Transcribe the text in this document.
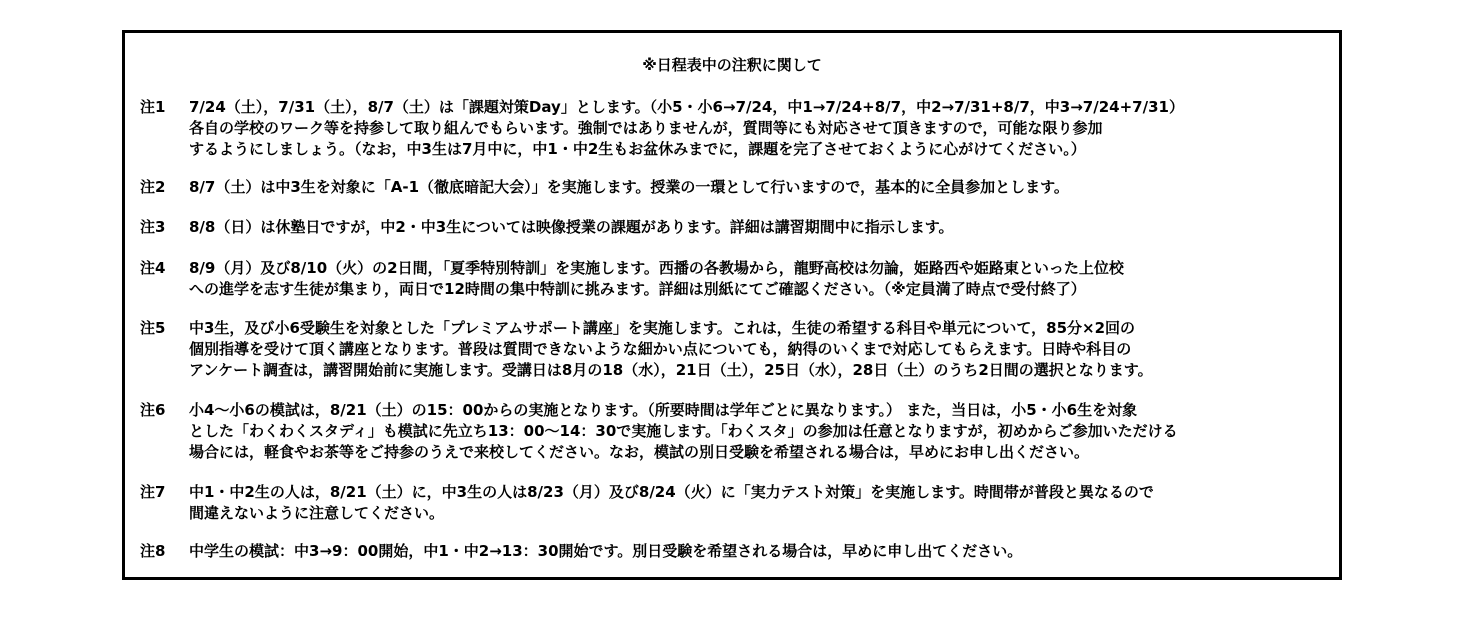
※日程表中の注釈に関して
注1	7/24（土），7/31（土），8/7（土）は「課題対策Day」とします。（小5・小6→7/24，中1→7/24+8/7，中2→7/31+8/7，中3→7/24+7/31）
各自の学校のワーク等を持参して取り組んでもらいます。強制ではありませんが，質問等にも対応させて頂きますので，可能な限り参加
するようにしましょう。（なお，中3生は7月中に，中1・中2生もお盆休みまでに，課題を完了させておくように心がけてください。）
注2	8/7（土）は中3生を対象に「A-1（徹底暗記大会）」を実施します。授業の一環として行いますので，基本的に全員参加とします。
注3	8/8（日）は休塾日ですが，中2・中3生については映像授業の課題があります。詳細は講習期間中に指示します。
注4	8/9（月）及び8/10（火）の2日間，「夏季特別特訓」を実施します。西播の各教場から，龍野高校は勿論，姫路西や姫路東といった上位校
への進学を志す生徒が集まり，両日で12時間の集中特訓に挑みます。詳細は別紙にてご確認ください。（※定員満了時点で受付終了）
注5	中3生，及び小6受験生を対象とした「プレミアムサポート講座」を実施します。これは，生徒の希望する科目や単元について，85分×2回の
個別指導を受けて頂く講座となります。普段は質問できないような細かい点についても，納得のいくまで対応してもらえます。日時や科目の
アンケート調査は，講習開始前に実施します。受講日は8月の18（水），21日（土），25日（水），28日（土）のうち2日間の選択となります。
注6	小4～小6の模試は，8/21（土）の15：00からの実施となります。（所要時間は学年ごとに異なります。） また，当日は，小5・小6生を対象
とした「わくわくスタディ」も模試に先立ち13：00～14：30で実施します。「わくスタ」の参加は任意となりますが，初めからご参加いただける
場合には，軽食やお茶等をご持参のうえで来校してください。なお，模試の別日受験を希望される場合は，早めにお申し出ください。
注7	中1・中2生の人は，8/21（土）に，中3生の人は8/23（月）及び8/24（火）に「実力テスト対策」を実施します。時間帯が普段と異なるので
間違えないように注意してください。
注8	中学生の模試：中3→9：00開始，中1・中2→13：30開始です。別日受験を希望される場合は，早めに申し出てください。
